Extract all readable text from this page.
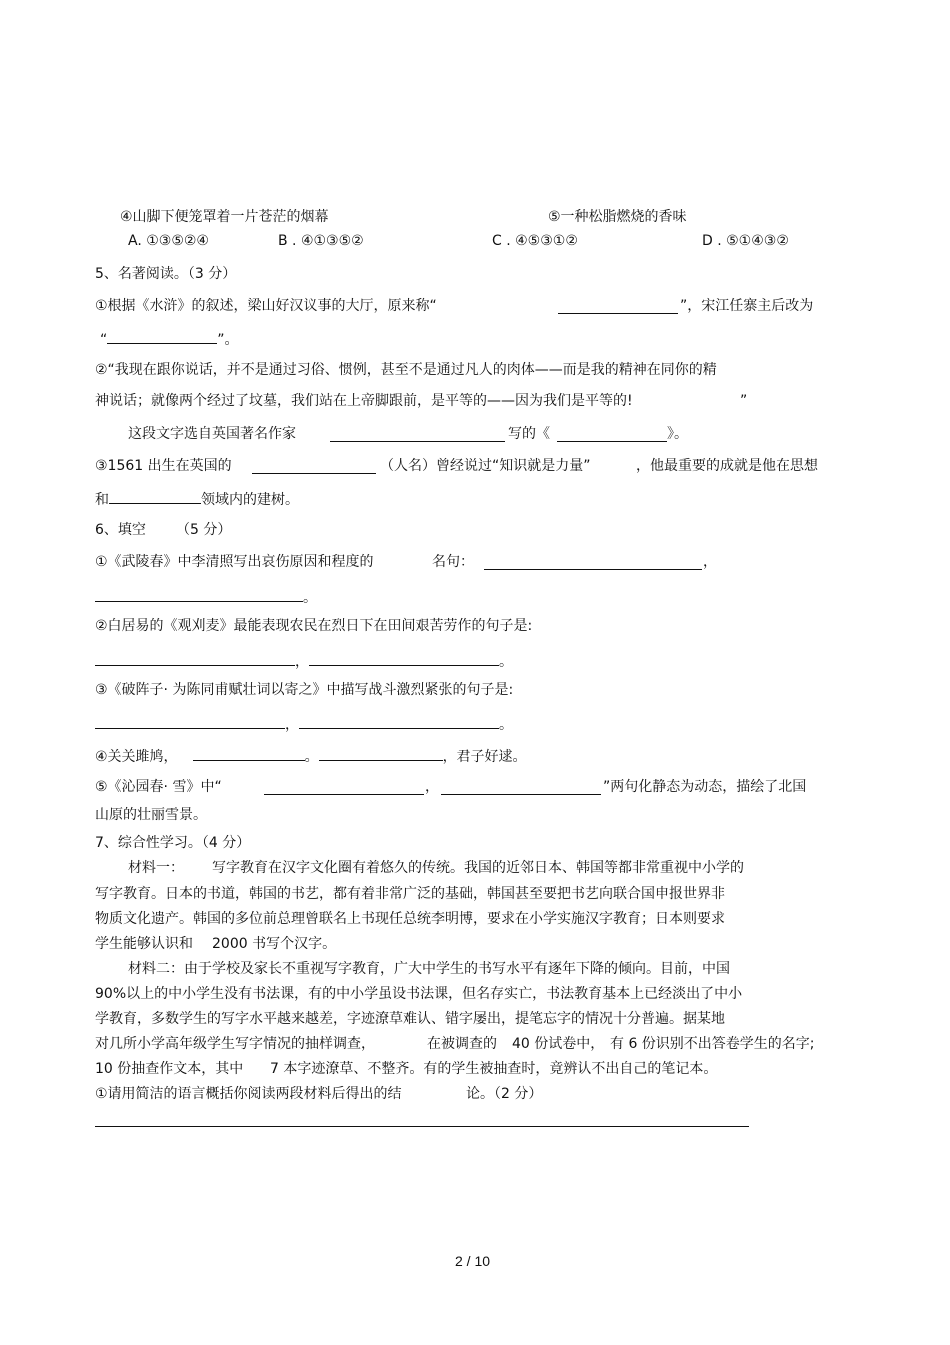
④山脚下便笼罩着一片苍茫的烟幕	⑤一种松脂燃烧的香味
A. ①③⑤②④	B . ④①③⑤②	C . ④⑤③①②	D . ⑤①④③②
5、名著阅读。（3 分）
①根据《水浒》的叙述，梁山好汉议事的大厅，原来称“	”，宋江任寨主后改为
“	”。
②“我现在跟你说话，并不是通过习俗、惯例，甚至不是通过凡人的肉体——而是我的精神在同你的精
神说话；就像两个经过了坟墓，我们站在上帝脚跟前，是平等的——因为我们是平等的!	”
这段文字选自英国著名作家	写的《	》。
③1561 出生在英国的	（人名）曾经说过“知识就是力量”	，他最重要的成就是他在思想
和	领域内的建树。
6、填空 （5 分）
①《武陵春》中李清照写出哀伤原因和程度的	名句：	，
。
②白居易的《观刈麦》最能表现农民在烈日下在田间艰苦劳作的句子是:
，	。
③《破阵子· 为陈同甫赋壮词以寄之》中描写战斗激烈紧张的句子是:
，	。
④关关雎鸠，	。	，君子好逑。
⑤《沁园春· 雪》中“	，	”两句化静态为动态，描绘了北国
山原的壮丽雪景。
7、综合性学习。（4 分）
材料一： 写字教育在汉字文化圈有着悠久的传统。我国的近邻日本、韩国等都非常重视中小学的
写字教育。日本的书道，韩国的书艺，都有着非常广泛的基础，韩国甚至要把书艺向联合国申报世界非
物质文化遗产。韩国的多位前总理曾联名上书现任总统李明博，要求在小学实施汉字教育；日本则要求
学生能够认识和 2000 书写个汉字。
材料二：由于学校及家长不重视写字教育，广大中学生的书写水平有逐年下降的倾向。目前，中国
90%以上的中小学生没有书法课，有的中小学虽设书法课，但名存实亡，书法教育基本上已经淡出了中小
学教育，多数学生的写字水平越来越差，字迹潦草难认、错字屡出，提笔忘字的情况十分普遍。据某地
对几所小学高年级学生写字情况的抽样调查，	在被调查的 40 份试卷中， 有 6 份识别不出答卷学生的名字;
10 份抽查作文本，其中 7 本字迹潦草、不整齐。有的学生被抽查时，竟辨认不出自己的笔记本。
①请用简洁的语言概括你阅读两段材料后得出的结	论。（2 分）
2 / 10
